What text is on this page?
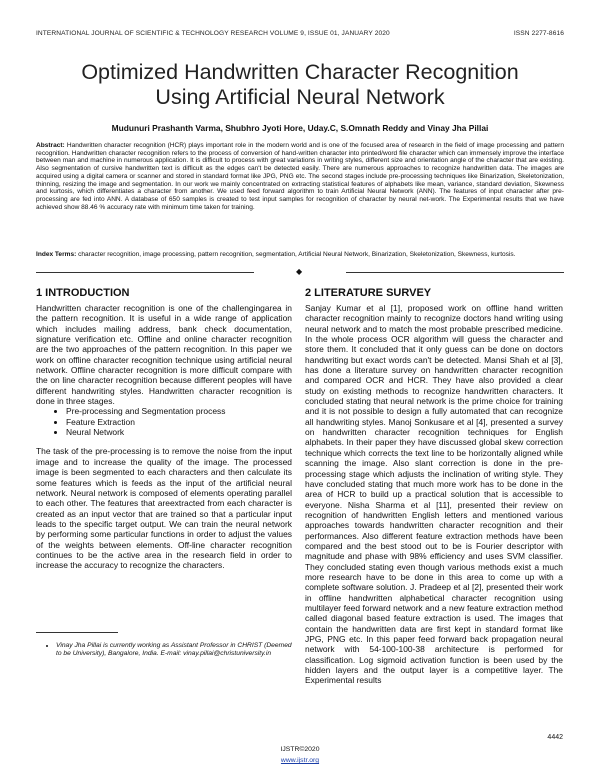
INTERNATIONAL JOURNAL OF SCIENTIFIC & TECHNOLOGY RESEARCH VOLUME 9, ISSUE 01, JANUARY 2020	ISSN 2277-8616
Optimized Handwritten Character Recognition
Using Artificial Neural Network
Mudunuri Prashanth Varma, Shubhro Jyoti Hore, Uday.C, S.Omnath Reddy and Vinay Jha Pillai

Abstract: Handwritten character recognition (HCR) plays important role in the modern world and is one of the focused area of research in the field of image processing and pattern recognition. Handwritten character recognition refers to the process of conversion of hand-written character into printed/word file character which can immensely improve the interface between man and machine in numerous application. It is difficult to process with great variations in writing styles, different size and orientation angle of the character that are existing. Also segmentation of cursive handwritten text is difficult as the edges can't be detected easily. There are numerous approaches to recognize handwritten data. The images are acquired using a digital camera or scanner and stored in standard format like JPG, PNG etc. The second stages include pre-processing techniques like Binarization, Skeletonization, thinning, resizing the image and segmentation. In our work we mainly concentrated on extracting statistical features of alphabets like mean, variance, standard deviation, Skewness and kurtosis, which differentiates a character from another. We used feed forward algorithm to train Artificial Neural Network (ANN). The features of input character after pre-processing are fed into ANN. A database of 650 samples is created to test input samples for recognition of character by neural net-work. The Experimental results that we have achieved show 88.46 % accuracy rate with minimum time taken for training.

Index Terms: character recognition, image processing, pattern recognition, segmentation, Artificial Neural Network, Binarization, Skeletonization, Skewness, kurtosis.

◆
1 INTRODUCTION

Handwritten character recognition is one of the challengingarea in the pattern recognition. It is useful in a wide range of application which includes mailing address, bank check documentation, signature verification etc. Offline and online character recognition are the two approaches of the pattern recognition. In this paper we work on offline character recognition technique using artificial neural network. Offline character recognition is more difficult compare with the on line character recognition because different peoples will have different handwriting styles. Handwritten character recognition is done in three stages.

• Pre-processing and Segmentation process
• Feature Extraction
• Neural Network

The task of the pre-processing is to remove the noise from the input image and to increase the quality of the image. The processed image is been segmented to each characters and then calculate its some features which is feeds as the input of the artificial neural network. Neural network is composed of elements operating parallel to each other. The features that areextracted from each character is created as an input vector that are trained so that a particular input leads to the specific target output. We can train the neural network by performing some particular functions in order to adjust the values of the weights between elements. Off-line character recognition continues to be the active area in the research field in order to increase the accuracy to recognize the characters.

• Vinay Jha Pillai is currently working as Assistant Professor in CHRIST (Deemed to be University), Bangalore, India. E-mail: vinay.pillai@christuniversity.in
2 LITERATURE SURVEY

Sanjay Kumar et al [1], proposed work on offline hand written character recognition mainly to recognize doctors hand writing using neural network and to match the most probable prescribed medicine. In the whole process OCR algorithm will guess the character and store them. It concluded that it only guess can be done on doctors handwriting but exact words can't be detected. Mansi Shah et al [3], has done a literature survey on handwritten character recognition and compared OCR and HCR. They have also provided a clear study on existing methods to recognize handwritten characters. It concluded stating that neural network is the prime choice for training and it is not possible to design a fully automated that can recognize all handwriting styles. Manoj Sonkusare et al [4], presented a survey on handwritten character recognition techniques for English alphabets. In their paper they have discussed global skew correction technique which corrects the text line to be horizontally aligned while scanning the image. Also slant correction is done in the pre-processing stage which adjusts the inclination of writing style. They have concluded stating that much more work has to be done in the area of HCR to build up a practical solution that is accessible to everyone. Nisha Sharma et al [11], presented their review on recognition of handwritten English letters and mentioned various approaches towards handwritten character recognition and their performances. Also different feature extraction methods have been compared and the best stood out to be is Fourier descriptor with magnitude and phase with 98% efficiency and uses SVM classifier. They concluded stating even though various methods exist a much more research have to be done in this area to come up with a complete software solution. J. Pradeep et al [2], presented their work in offline handwritten alphabetical character recognition using multilayer feed forward network and a new feature extraction method called diagonal based feature extraction is used. The images that contain the handwritten data are first kept in standard format like JPG, PNG etc. In this paper feed forward back propagation neural network with 54-100-100-38 architecture is performed for classification. Log sigmoid activation function is been used by the hidden layers and the output layer is a competitive layer. The Experimental results

4442
IJSTR©2020
www.ijstr.org
